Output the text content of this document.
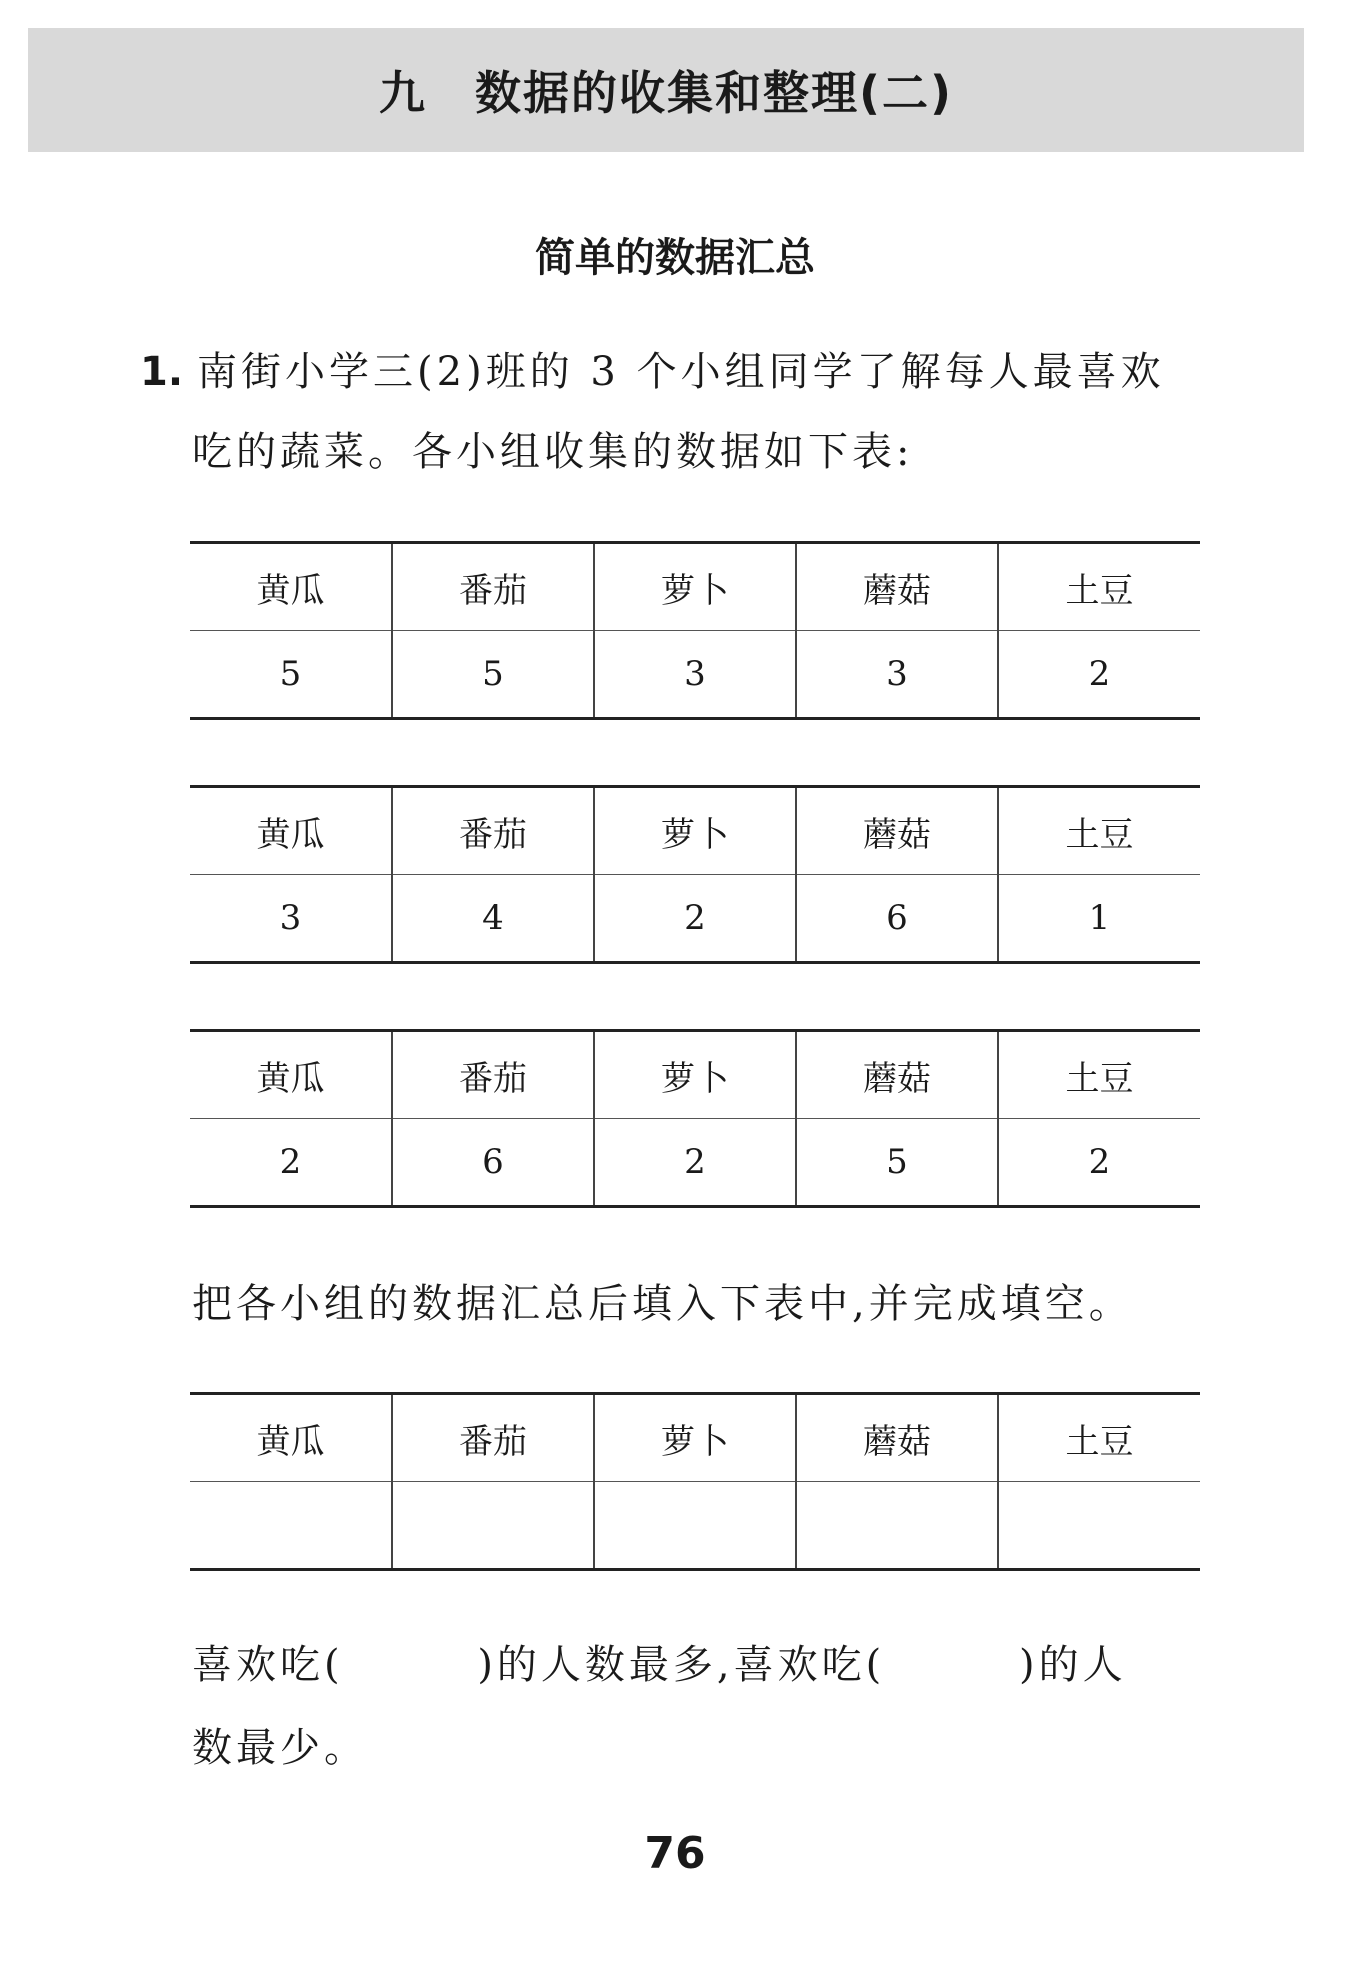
九　数据的收集和整理(二)
简单的数据汇总
1. 南街小学三(2)班的 3 个小组同学了解每人最喜欢
吃的蔬菜。各小组收集的数据如下表:
黄瓜	番茄	萝卜	蘑菇	土豆
5	5	3	3	2
黄瓜	番茄	萝卜	蘑菇	土豆
3	4	2	6	1
黄瓜	番茄	萝卜	蘑菇	土豆
2	6	2	5	2
把各小组的数据汇总后填入下表中,并完成填空。
黄瓜	番茄	萝卜	蘑菇	土豆

喜欢吃(        )的人数最多,喜欢吃(        )的人
数最少。
76
